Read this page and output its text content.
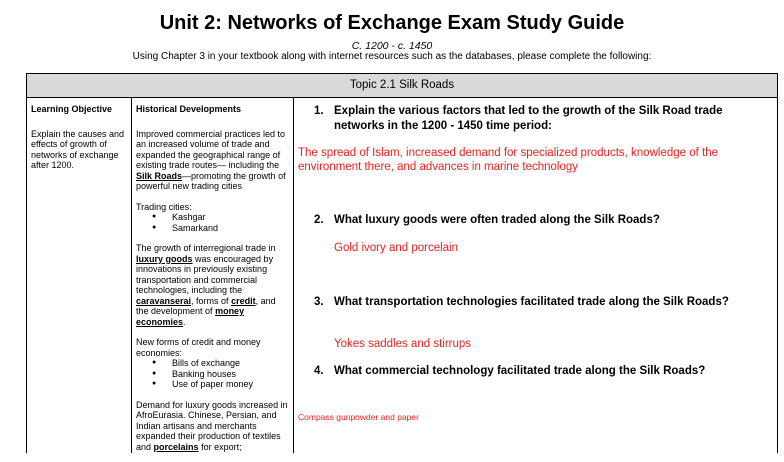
Unit 2: Networks of Exchange Exam Study Guide
C. 1200 - c. 1450
Using Chapter 3 in your textbook along with internet resources such as the databases, please complete the following:
Topic 2.1 Silk Roads
Learning Objective

Explain the causes and effects of growth of networks of exchange after 1200.

Historical Developments

Improved commercial practices led to an increased volume of trade and expanded the geographical range of existing trade routes— including the Silk Roads—promoting the growth of powerful new trading cities

Trading cities:
● Kashgar
● Samarkand

The growth of interregional trade in luxury goods was encouraged by innovations in previously existing transportation and commercial technologies, including the caravanserai, forms of credit, and the development of money economies.

New forms of credit and money economies:
● Bills of exchange
● Banking houses
● Use of paper money

Demand for luxury goods increased in AfroEurasia. Chinese, Persian, and Indian artisans and merchants expanded their production of textiles and porcelains for export;

1. Explain the various factors that led to the growth of the Silk Road trade networks in the 1200 - 1450 time period:
The spread of Islam, increased demand for specialized products, knowledge of the environment there, and advances in marine technology
2. What luxury goods were often traded along the Silk Roads?
Gold ivory and porcelain
3. What transportation technologies facilitated trade along the Silk Roads?
Yokes saddles and stirrups
4. What commercial technology facilitated trade along the Silk Roads?
Compass gunpowder and paper
